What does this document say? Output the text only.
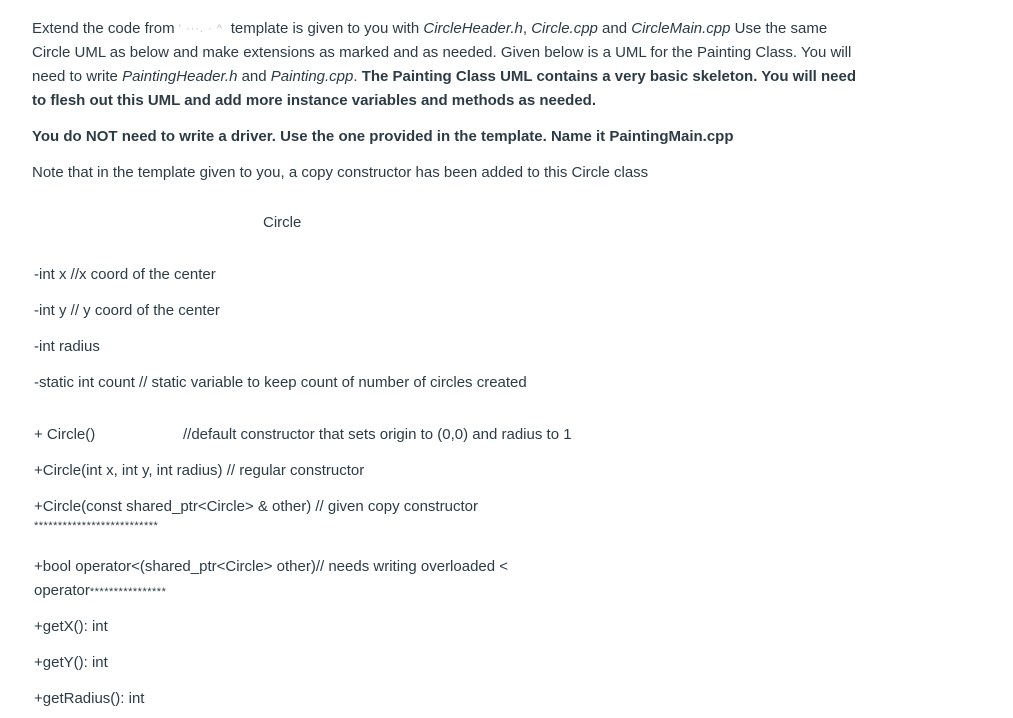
Extend the code from ' ···. · ^ template is given to you with CircleHeader.h, Circle.cpp and CircleMain.cpp Use the same Circle UML as below and make extensions as marked and as needed. Given below is a UML for the Painting Class. You will need to write PaintingHeader.h and Painting.cpp. The Painting Class UML contains a very basic skeleton. You will need to flesh out this UML and add more instance variables and methods as needed.

You do NOT need to write a driver. Use the one provided in the template. Name it PaintingMain.cpp

Note that in the template given to you, a copy constructor has been added to this Circle class

Circle
-int x //x coord of the center
-int y // y coord of the center
-int radius
-static int count // static variable to keep count of number of circles created
+ Circle()	//default constructor that sets origin to (0,0) and radius to 1
+Circle(int x, int y, int radius) // regular constructor
+Circle(const shared_ptr<Circle> & other) // given copy constructor
**************************
+bool operator<(shared_ptr<Circle> other)// needs writing overloaded <
operator****************
+getX(): int
+getY(): int
+getRadius(): int
